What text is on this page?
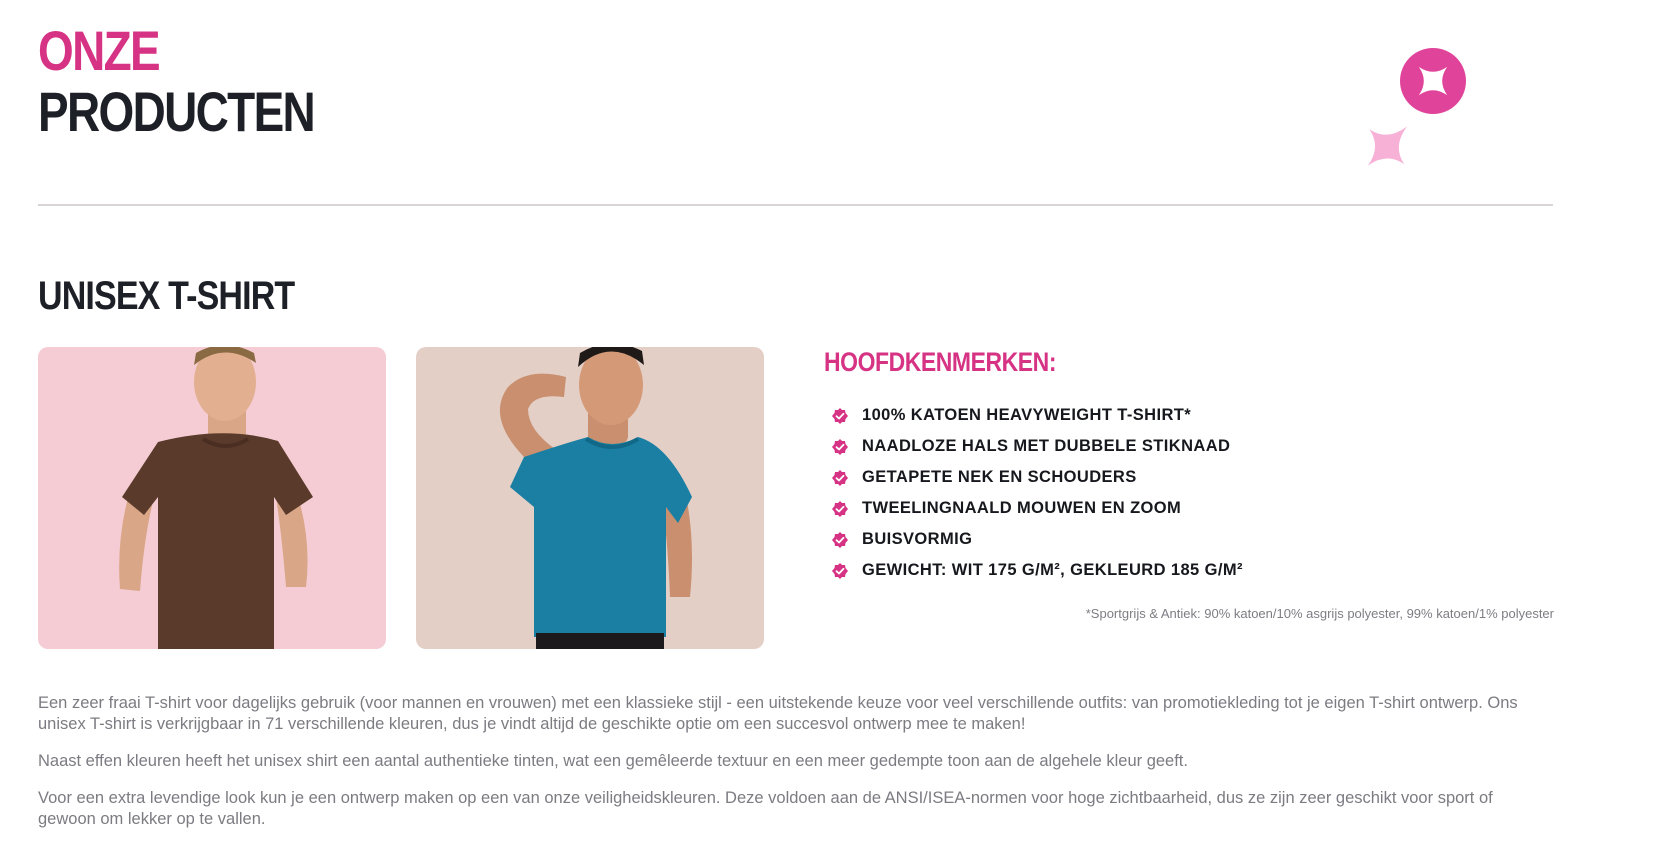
ONZE
PRODUCTEN
UNISEX T-SHIRT
HOOFDKENMERKEN:
100% KATOEN HEAVYWEIGHT T-SHIRT*
NAADLOZE HALS MET DUBBELE STIKNAAD
GETAPETE NEK EN SCHOUDERS
TWEELINGNAALD MOUWEN EN ZOOM
BUISVORMIG
GEWICHT: WIT 175 G/M², GEKLEURD 185 G/M²

*Sportgrijs & Antiek: 90% katoen/10% asgrijs polyester, 99% katoen/1% polyester

Een zeer fraai T-shirt voor dagelijks gebruik (voor mannen en vrouwen) met een klassieke stijl - een uitstekende keuze voor veel verschillende outfits: van promotiekleding tot je eigen T-shirt ontwerp. Ons unisex T-shirt is verkrijgbaar in 71 verschillende kleuren, dus je vindt altijd de geschikte optie om een succesvol ontwerp mee te maken!

Naast effen kleuren heeft het unisex shirt een aantal authentieke tinten, wat een gemêleerde textuur en een meer gedempte toon aan de algehele kleur geeft.

Voor een extra levendige look kun je een ontwerp maken op een van onze veiligheidskleuren. Deze voldoen aan de ANSI/ISEA-normen voor hoge zichtbaarheid, dus ze zijn zeer geschikt voor sport of gewoon om lekker op te vallen.
